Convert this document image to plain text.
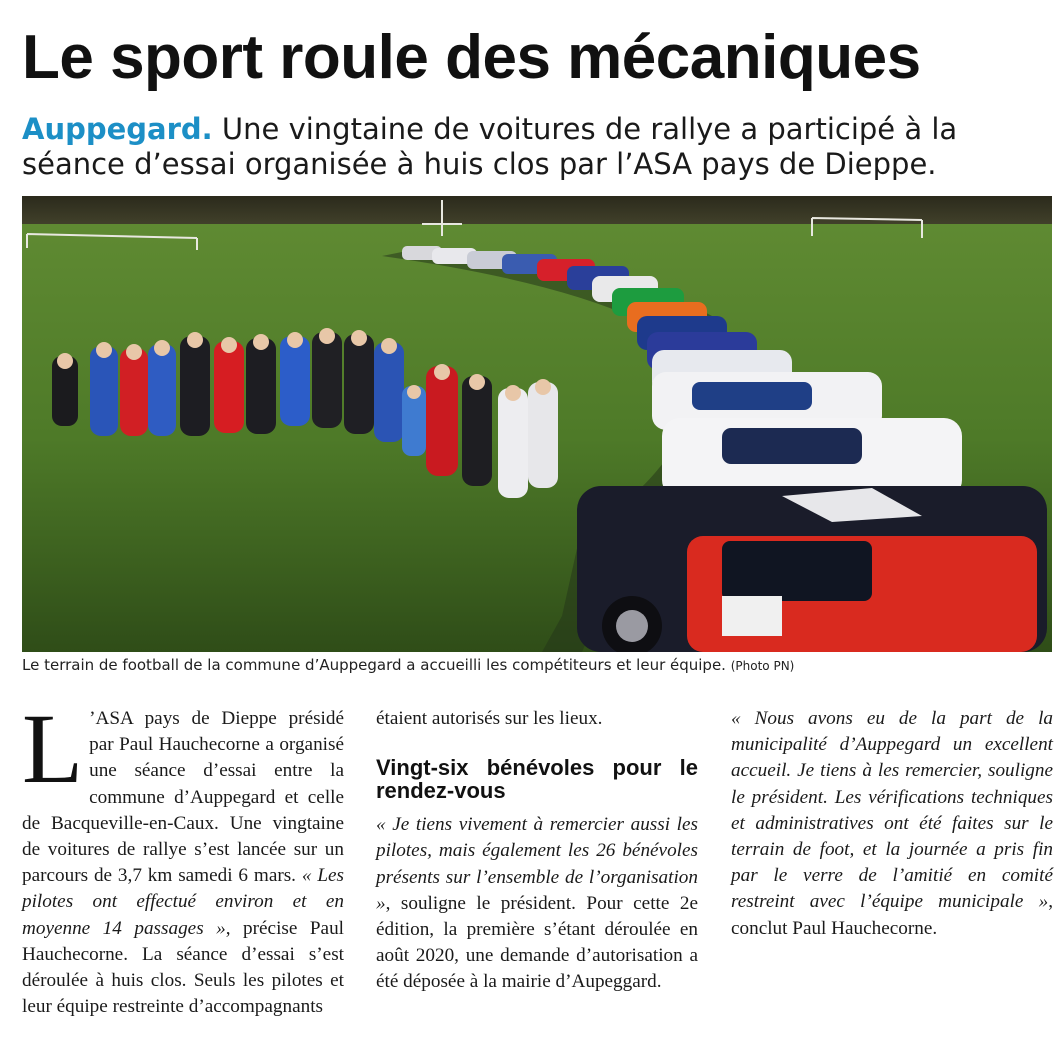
Le sport roule des mécaniques
Auppegard. Une vingtaine de voitures de rallye a participé à la séance d’essai organisée à huis clos par l’ASA pays de Dieppe.
Le terrain de football de la commune d’Auppegard a accueilli les compétiteurs et leur équipe. (Photo PN)

L ’ASA pays de Dieppe présidé par Paul Hauchecorne a organisé une séance d’essai entre la commune d’Auppegard et celle de Bacqueville-en-Caux. Une vingtaine de voitures de rallye s’est lancée sur un parcours de 3,7 km samedi 6 mars. « Les pilotes ont effectué environ et en moyenne 14 passages », précise Paul Hauchecorne. La séance d’essai s’est déroulée à huis clos. Seuls les pilotes et leur équipe restreinte d’accompagnants

étaient autorisés sur les lieux.
Vingt-six bénévoles pour le rendez-vous

« Je tiens vivement à remercier aussi les pilotes, mais également les 26 bénévoles présents sur l’ensemble de l’organisation », souligne le président. Pour cette 2e édition, la première s’étant déroulée en août 2020, une demande d’autorisation a été déposée à la mairie d’Aupeggard.

« Nous avons eu de la part de la municipalité d’Auppegard un excellent accueil. Je tiens à les remercier, souligne le président. Les vérifications techniques et administratives ont été faites sur le terrain de foot, et la journée a pris fin par le verre de l’amitié en comité restreint avec l’équipe municipale », conclut Paul Hauchecorne.
